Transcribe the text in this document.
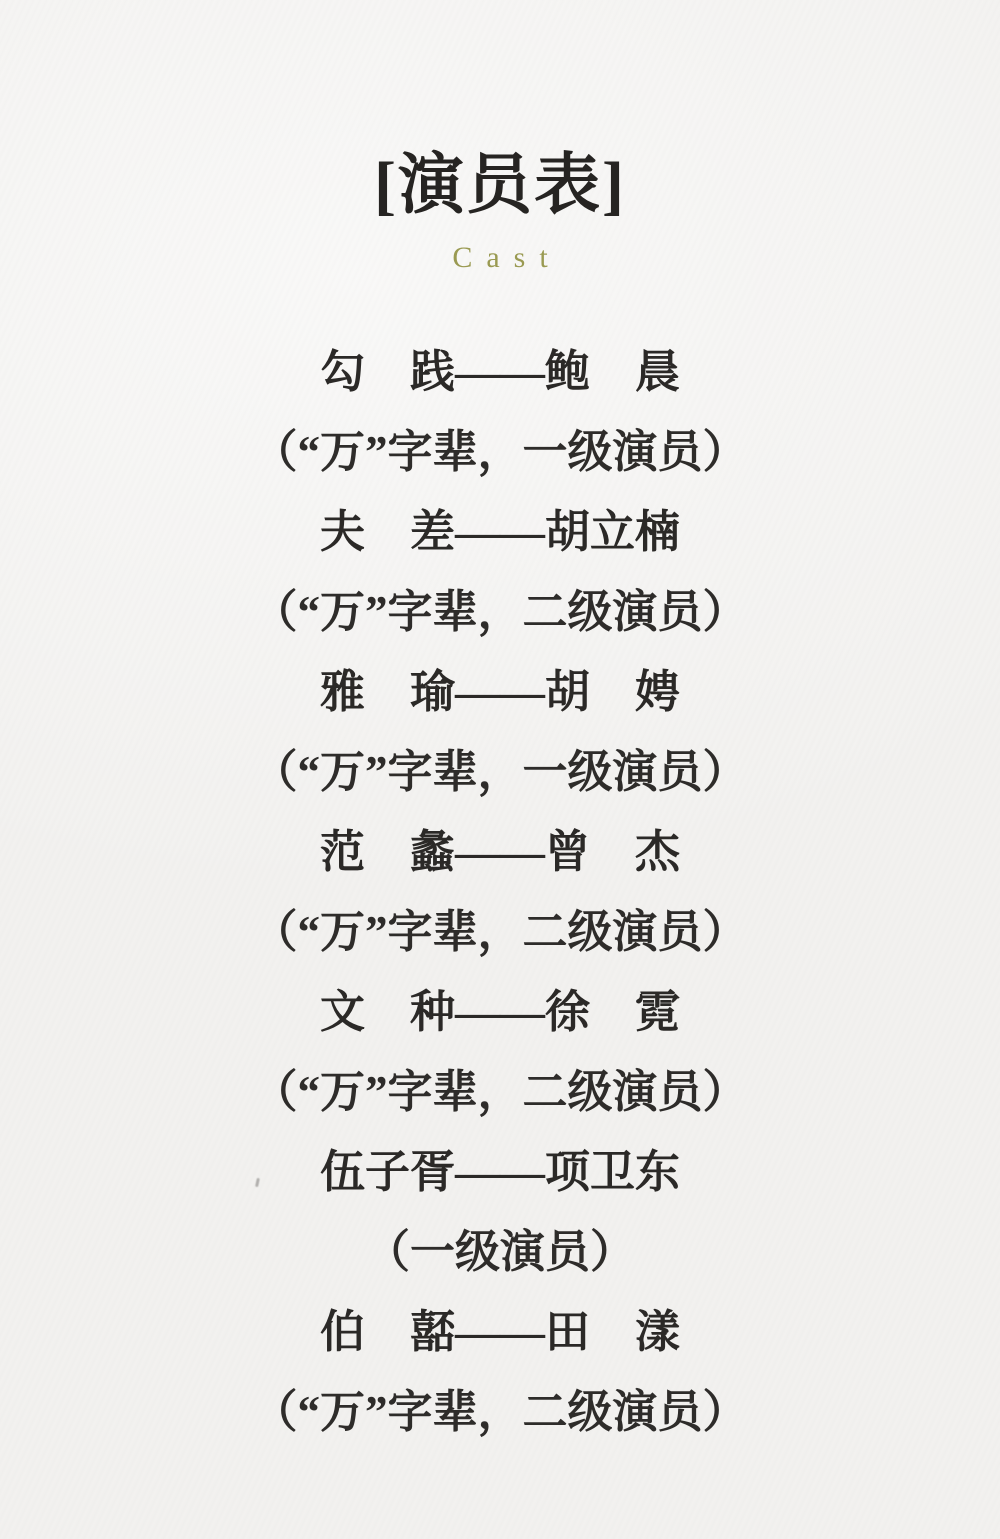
[演员表]
Cast
勾　践——鲍　晨
（“万”字辈，一级演员）
夫　差——胡立楠
（“万”字辈，二级演员）
雅　瑜——胡　娉
（“万”字辈，一级演员）
范　蠡——曾　杰
（“万”字辈，二级演员）
文　种——徐　霓
（“万”字辈，二级演员）
伍子胥——项卫东
（一级演员）
伯　嚭——田　漾
（“万”字辈，二级演员）
